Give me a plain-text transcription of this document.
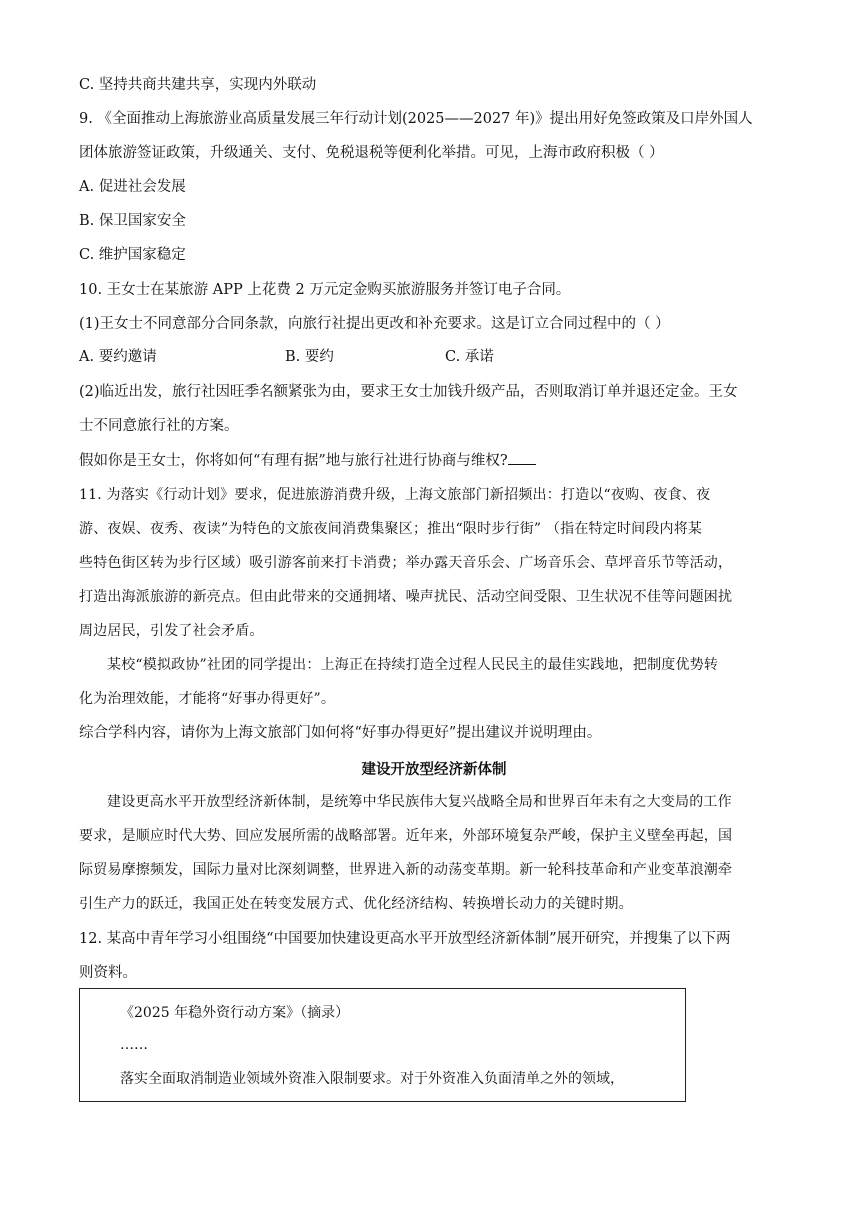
C. 坚持共商共建共享，实现内外联动
9. 《全面推动上海旅游业高质量发展三年行动计划(2025——2027 年)》提出用好免签政策及口岸外国人
团体旅游签证政策，升级通关、支付、免税退税等便利化举措。可见，上海市政府积极（ ）
A. 促进社会发展
B. 保卫国家安全
C. 维护国家稳定
10. 王女士在某旅游 APP 上花费 2 万元定金购买旅游服务并签订电子合同。
(1)王女士不同意部分合同条款，向旅行社提出更改和补充要求。这是订立合同过程中的（ ）
A. 要约邀请	B. 要约	C. 承诺
(2)临近出发，旅行社因旺季名额紧张为由，要求王女士加钱升级产品，否则取消订单并退还定金。王女
士不同意旅行社的方案。
假如你是王女士，你将如何“有理有据”地与旅行社进行协商与维权?
11. 为落实《行动计划》要求，促进旅游消费升级，上海文旅部门新招频出：打造以“夜购、夜食、夜
游、夜娱、夜秀、夜读”为特色的文旅夜间消费集聚区；推出“限时步行街” （指在特定时间段内将某
些特色街区转为步行区域）吸引游客前来打卡消费；举办露天音乐会、广场音乐会、草坪音乐节等活动，
打造出海派旅游的新亮点。但由此带来的交通拥堵、噪声扰民、活动空间受限、卫生状况不佳等问题困扰
周边居民，引发了社会矛盾。
某校“模拟政协”社团的同学提出：上海正在持续打造全过程人民民主的最佳实践地，把制度优势转
化为治理效能，才能将“好事办得更好”。
综合学科内容，请你为上海文旅部门如何将“好事办得更好”提出建议并说明理由。
建设开放型经济新体制
建设更高水平开放型经济新体制，是统筹中华民族伟大复兴战略全局和世界百年未有之大变局的工作
要求，是顺应时代大势、回应发展所需的战略部署。近年来，外部环境复杂严峻，保护主义壁垒再起，国
际贸易摩擦频发，国际力量对比深刻调整，世界进入新的动荡变革期。新一轮科技革命和产业变革浪潮牵
引生产力的跃迁，我国正处在转变发展方式、优化经济结构、转换增长动力的关键时期。
12. 某高中青年学习小组围绕“中国要加快建设更高水平开放型经济新体制”展开研究，并搜集了以下两
则资料。
《2025 年稳外资行动方案》（摘录）
……
落实全面取消制造业领域外资准入限制要求。对于外资准入负面清单之外的领域，
